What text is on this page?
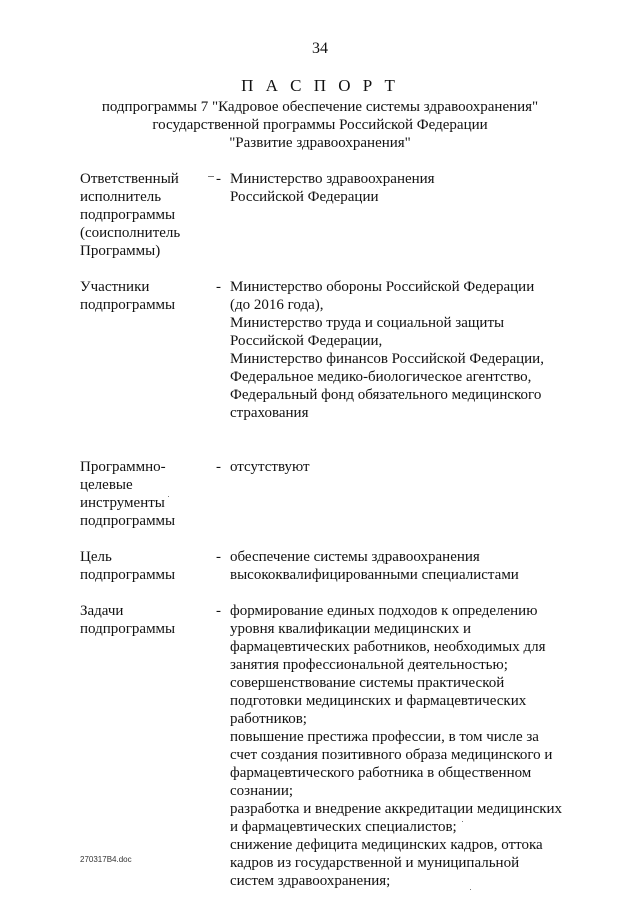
34
П А С П О Р Т
подпрограммы 7 "Кадровое обеспечение системы здравоохранения"
государственной программы Российской Федерации
"Развитие здравоохранения"
Ответственный
исполнитель
подпрограммы
(соисполнитель
Программы)
- Министерство здравоохранения
Российской Федерации
Участники
подпрограммы
- Министерство обороны Российской Федерации
(до 2016 года),
Министерство труда и социальной защиты
Российской Федерации,
Министерство финансов Российской Федерации,
Федеральное медико-биологическое агентство,
Федеральный фонд обязательного медицинского
страхования
Программно-
целевые
инструменты
подпрограммы
- отсутствуют
Цель
подпрограммы
- обеспечение системы здравоохранения
высококвалифицированными специалистами
Задачи
подпрограммы
- формирование единых подходов к определению
уровня квалификации медицинских и
фармацевтических работников, необходимых для
занятия профессиональной деятельностью;
совершенствование системы практической
подготовки медицинских и фармацевтических
работников;
повышение престижа профессии, в том числе за
счет создания позитивного образа медицинского и
фармацевтического работника в общественном
сознании;
разработка и внедрение аккредитации медицинских
и фармацевтических специалистов;
снижение дефицита медицинских кадров, оттока
кадров из государственной и муниципальной
систем здравоохранения;
270317B4.doc
